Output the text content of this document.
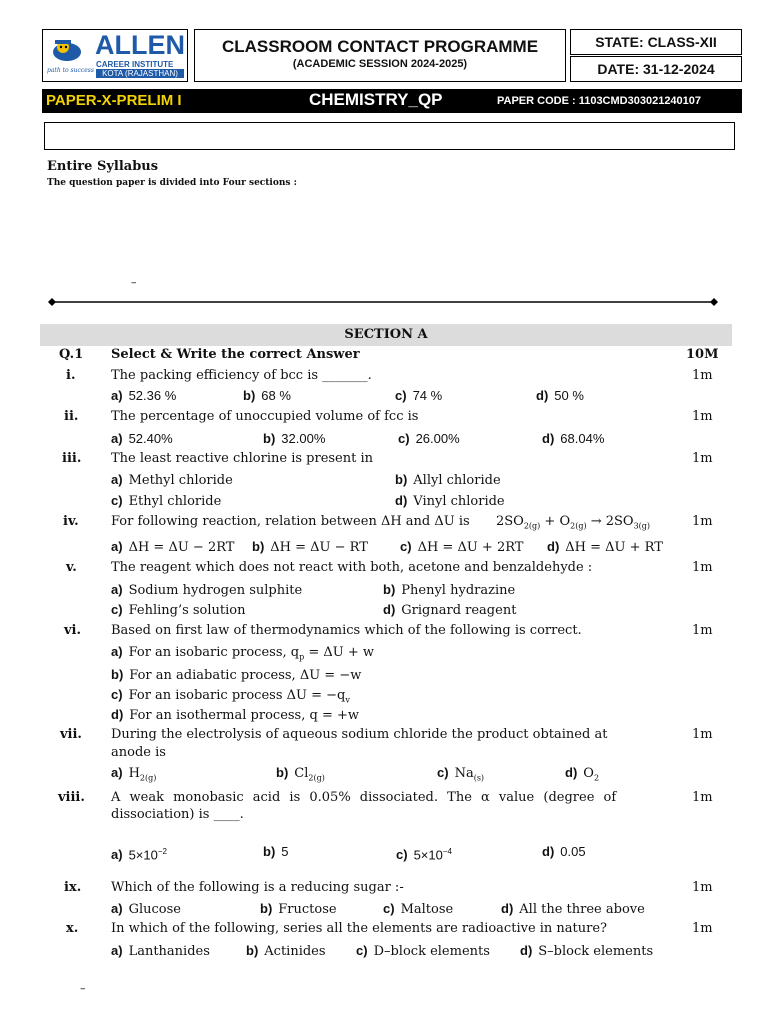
path to success
ALLEN
CAREER INSTITUTE
KOTA (RAJASTHAN)
CLASSROOM CONTACT PROGRAMME
(ACADEMIC SESSION 2024-2025)
STATE: CLASS-XII
DATE: 31-12-2024
PAPER-X-PRELIM I	CHEMISTRY_QP	PAPER CODE : 1103CMD303021240107
Entire Syllabus
The question paper is divided into Four sections :
–
SECTION A
Q.1 Select & Write the correct Answer	10M
i.	The packing efficiency of bcc is _______.	1m
a) 52.36 %	b) 68 %	c) 74 %	d) 50 %
ii.	The percentage of unoccupied volume of fcc is	1m
a) 52.40%	b) 32.00%	c) 26.00%	d) 68.04%
iii. The least reactive chlorine is present in	1m
a) Methyl chloride	b) Allyl chloride
c) Ethyl chloride	d) Vinyl chloride
iv. For following reaction, relation between ΔH and ΔU is $2SO_{2(g)} + O_{2(g)} \to 2SO_{3(g)}$	1m
a) ΔH = ΔU − 2RT b) ΔH = ΔU − RT c) ΔH = ΔU + 2RT d) ΔH = ΔU + RT
v.	The reagent which does not react with both, acetone and benzaldehyde :	1m
a) Sodium hydrogen sulphite	b) Phenyl hydrazine
c) Fehling’s solution	d) Grignard reagent
vi. Based on first law of thermodynamics which of the following is correct.	1m
a) For an isobaric process, $q_p = \Delta U + w$
b) For an adiabatic process, ΔU = −w
c) For an isobaric process $\Delta U = -q_v$
d) For an isothermal process, q = +w
vii. During the electrolysis of aqueous sodium chloride the product obtained at
anode is
1m
a) $H_{2(g)}$	b) $Cl_{2(g)}$	c) $Na_{(s)}$	d) $O_2$
viii. A weak monobasic acid is 0.05% dissociated. The α value (degree of
dissociation) is ____.
1m
a) $5\times 10^{-2}$	b) 5	c) $5\times 10^{-4}$	d) 0.05
ix. Which of the following is a reducing sugar :-	1m
a) Glucose	b) Fructose	c) Maltose	d) All the three above
x.	In which of the following, series all the elements are radioactive in nature?	1m
a) Lanthanides	b) Actinides c) D–block elements d) S–block elements
–
